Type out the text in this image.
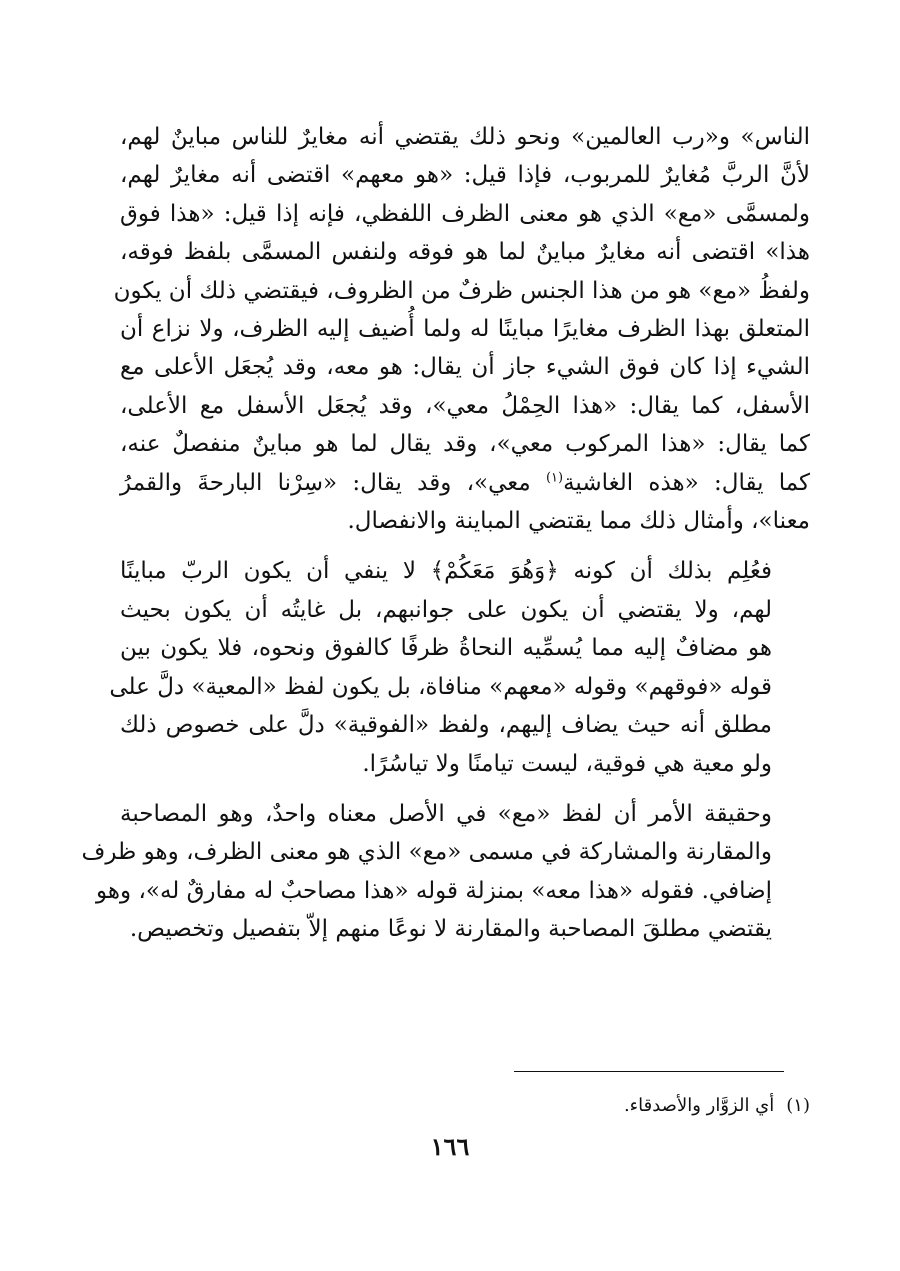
الناس» و«رب العالمين» ونحو ذلك يقتضي أنه مغايرٌ للناس مباينٌ لهم،
لأنَّ الربَّ مُغايرٌ للمربوب، فإذا قيل: «هو معهم» اقتضى أنه مغايرٌ لهم،
ولمسمَّى «مع» الذي هو معنى الظرف اللفظي، فإنه إذا قيل: «هذا فوق
هذا» اقتضى أنه مغايرٌ مباينٌ لما هو فوقه ولنفس المسمَّى بلفظ فوقه،
ولفظُ «مع» هو من هذا الجنس ظرفٌ من الظروف، فيقتضي ذلك أن يكون
المتعلق بهذا الظرف مغايرًا مباينًا له ولما أُضيف إليه الظرف، ولا نزاع أن
الشيء إذا كان فوق الشيء جاز أن يقال: هو معه، وقد يُجعَل الأعلى مع
الأسفل، كما يقال: «هذا الحِمْلُ معي»، وقد يُجعَل الأسفل مع الأعلى،
كما يقال: «هذا المركوب معي»، وقد يقال لما هو مباينٌ منفصلٌ عنه،
كما يقال: «هذه الغاشية$^{(١)}$ معي»، وقد يقال: «سِرْنا البارحةَ والقمرُ
معنا»، وأمثال ذلك مما يقتضي المباينة والانفصال.

فعُلِم بذلك أن كونه ﴿وَهُوَ مَعَكُمْ﴾ لا ينفي أن يكون الربّ مباينًا
لهم، ولا يقتضي أن يكون على جوانبهم، بل غايتُه أن يكون بحيث
هو مضافٌ إليه مما يُسمِّيه النحاةُ ظرفًا كالفوق ونحوه، فلا يكون بين
قوله «فوقهم» وقوله «معهم» منافاة، بل يكون لفظ «المعية» دلَّ على
مطلق أنه حيث يضاف إليهم، ولفظ «الفوقية» دلَّ على خصوص ذلك
ولو معية هي فوقية، ليست تيامنًا ولا تياسُرًا.

وحقيقة الأمر أن لفظ «مع» في الأصل معناه واحدٌ، وهو المصاحبة
والمقارنة والمشاركة في مسمى «مع» الذي هو معنى الظرف، وهو ظرف
إضافي. فقوله «هذا معه» بمنزلة قوله «هذا مصاحبٌ له مفارقٌ له»، وهو
يقتضي مطلقَ المصاحبة والمقارنة لا نوعًا منهم إلاّ بتفصيل وتخصيص.

(١)أي الزوَّار والأصدقاء.
١٦٦
